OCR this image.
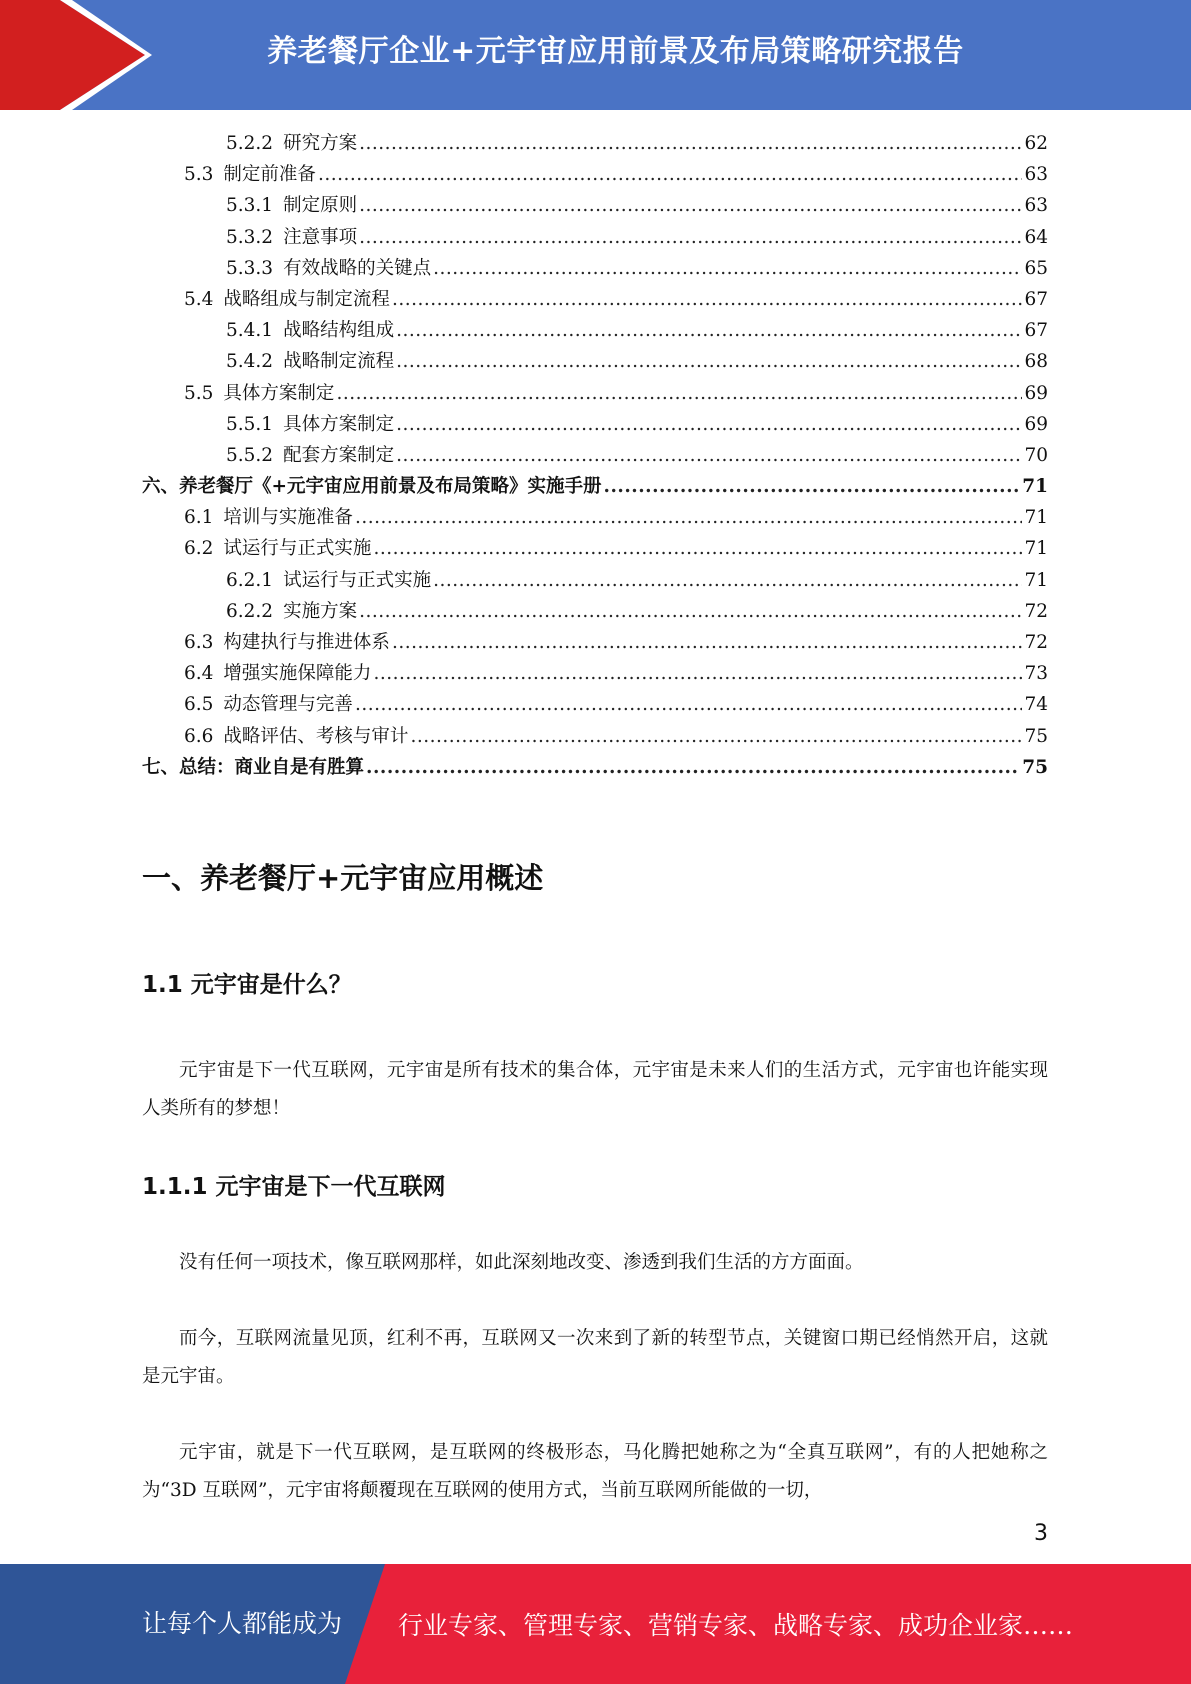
养老餐厅企业+元宇宙应用前景及布局策略研究报告
5.2.2 研究方案 .....	62
5.3 制定前准备 .....	63
5.3.1 制定原则 .....	63
5.3.2 注意事项 .....	64
5.3.3 有效战略的关键点 .....	65
5.4 战略组成与制定流程 .....	67
5.4.1 战略结构组成 .....	67
5.4.2 战略制定流程 .....	68
5.5 具体方案制定 .....	69
5.5.1 具体方案制定 .....	69
5.5.2 配套方案制定 .....	70
六、养老餐厅《+元宇宙应用前景及布局策略》实施手册 .....	71
6.1 培训与实施准备 .....	71
6.2 试运行与正式实施 .....	71
6.2.1 试运行与正式实施 .....	71
6.2.2 实施方案 .....	72
6.3 构建执行与推进体系 .....	72
6.4 增强实施保障能力 .....	73
6.5 动态管理与完善 .....	74
6.6 战略评估、考核与审计 .....	75
七、总结：商业自是有胜算 .....	75
一、养老餐厅+元宇宙应用概述
1.1 元宇宙是什么？
元宇宙是下一代互联网，元宇宙是所有技术的集合体，元宇宙是未来人们的生活方式，元宇宙也许能实现人类所有的梦想！
1.1.1 元宇宙是下一代互联网
没有任何一项技术，像互联网那样，如此深刻地改变、渗透到我们生活的方方面面。
而今，互联网流量见顶，红利不再，互联网又一次来到了新的转型节点，关键窗口期已经悄然开启，这就是元宇宙。
元宇宙，就是下一代互联网，是互联网的终极形态，马化腾把她称之为“全真互联网”，有的人把她称之为“3D 互联网”，元宇宙将颠覆现在互联网的使用方式，当前互联网所能做的一切，
3
让每个人都能成为 行业专家、管理专家、营销专家、战略专家、成功企业家……
